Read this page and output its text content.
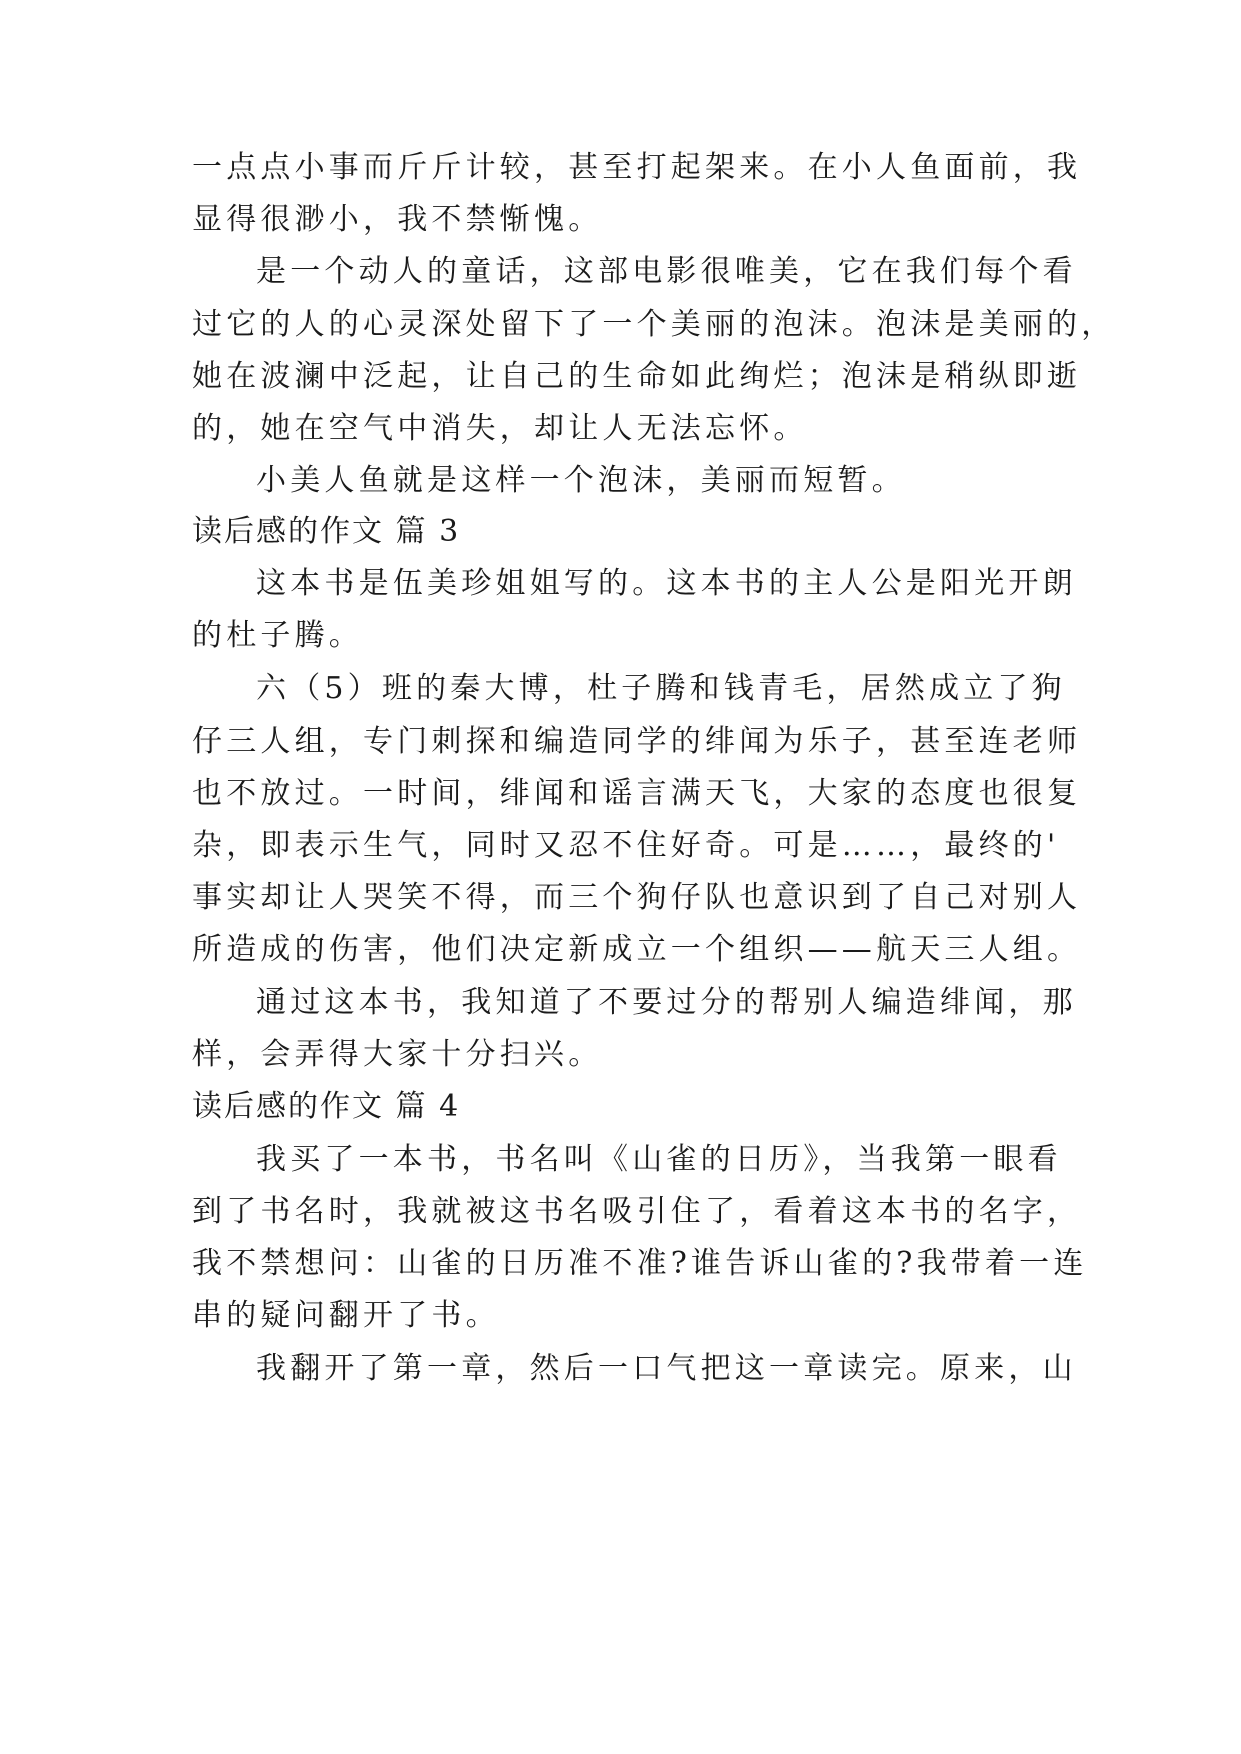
一点点小事而斤斤计较，甚至打起架来。在小人鱼面前，我
显得很渺小，我不禁惭愧。
是一个动人的童话，这部电影很唯美，它在我们每个看
过它的人的心灵深处留下了一个美丽的泡沫。泡沫是美丽的，
她在波澜中泛起，让自己的生命如此绚烂；泡沫是稍纵即逝
的，她在空气中消失，却让人无法忘怀。
小美人鱼就是这样一个泡沫，美丽而短暂。
读后感的作文 篇 3
这本书是伍美珍姐姐写的。这本书的主人公是阳光开朗
的杜子腾。
六（5）班的秦大博，杜子腾和钱青毛，居然成立了狗
仔三人组，专门刺探和编造同学的绯闻为乐子，甚至连老师
也不放过。一时间，绯闻和谣言满天飞，大家的态度也很复
杂，即表示生气，同时又忍不住好奇。可是……，最终的'
事实却让人哭笑不得，而三个狗仔队也意识到了自己对别人
所造成的伤害，他们决定新成立一个组织——航天三人组。
通过这本书，我知道了不要过分的帮别人编造绯闻，那
样，会弄得大家十分扫兴。
读后感的作文 篇 4
我买了一本书，书名叫《山雀的日历》，当我第一眼看
到了书名时，我就被这书名吸引住了，看着这本书的名字，
我不禁想问：山雀的日历准不准?谁告诉山雀的?我带着一连
串的疑问翻开了书。
我翻开了第一章，然后一口气把这一章读完。原来，山
